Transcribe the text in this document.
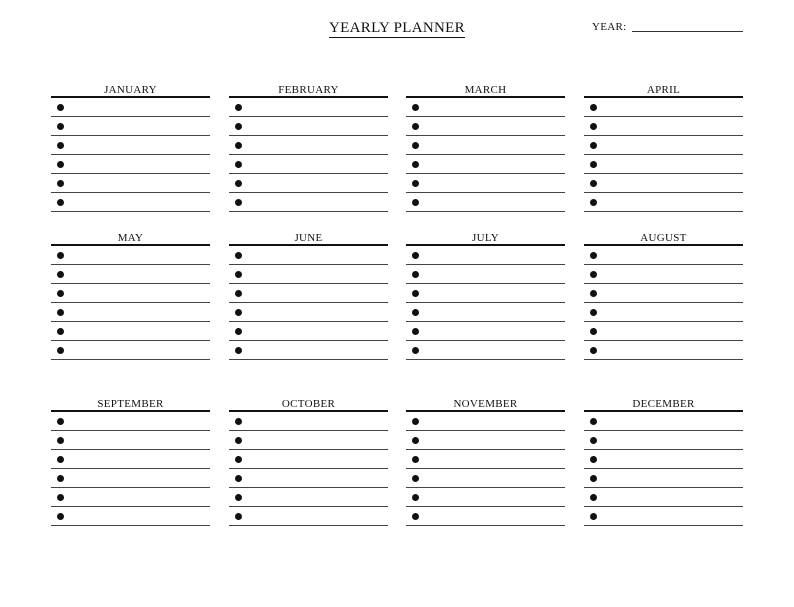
YEARLY PLANNER	YEAR:
JANUARY	FEBRUARY	MARCH	APRIL
MAY	JUNE	JULY	AUGUST
SEPTEMBER	OCTOBER	NOVEMBER	DECEMBER
